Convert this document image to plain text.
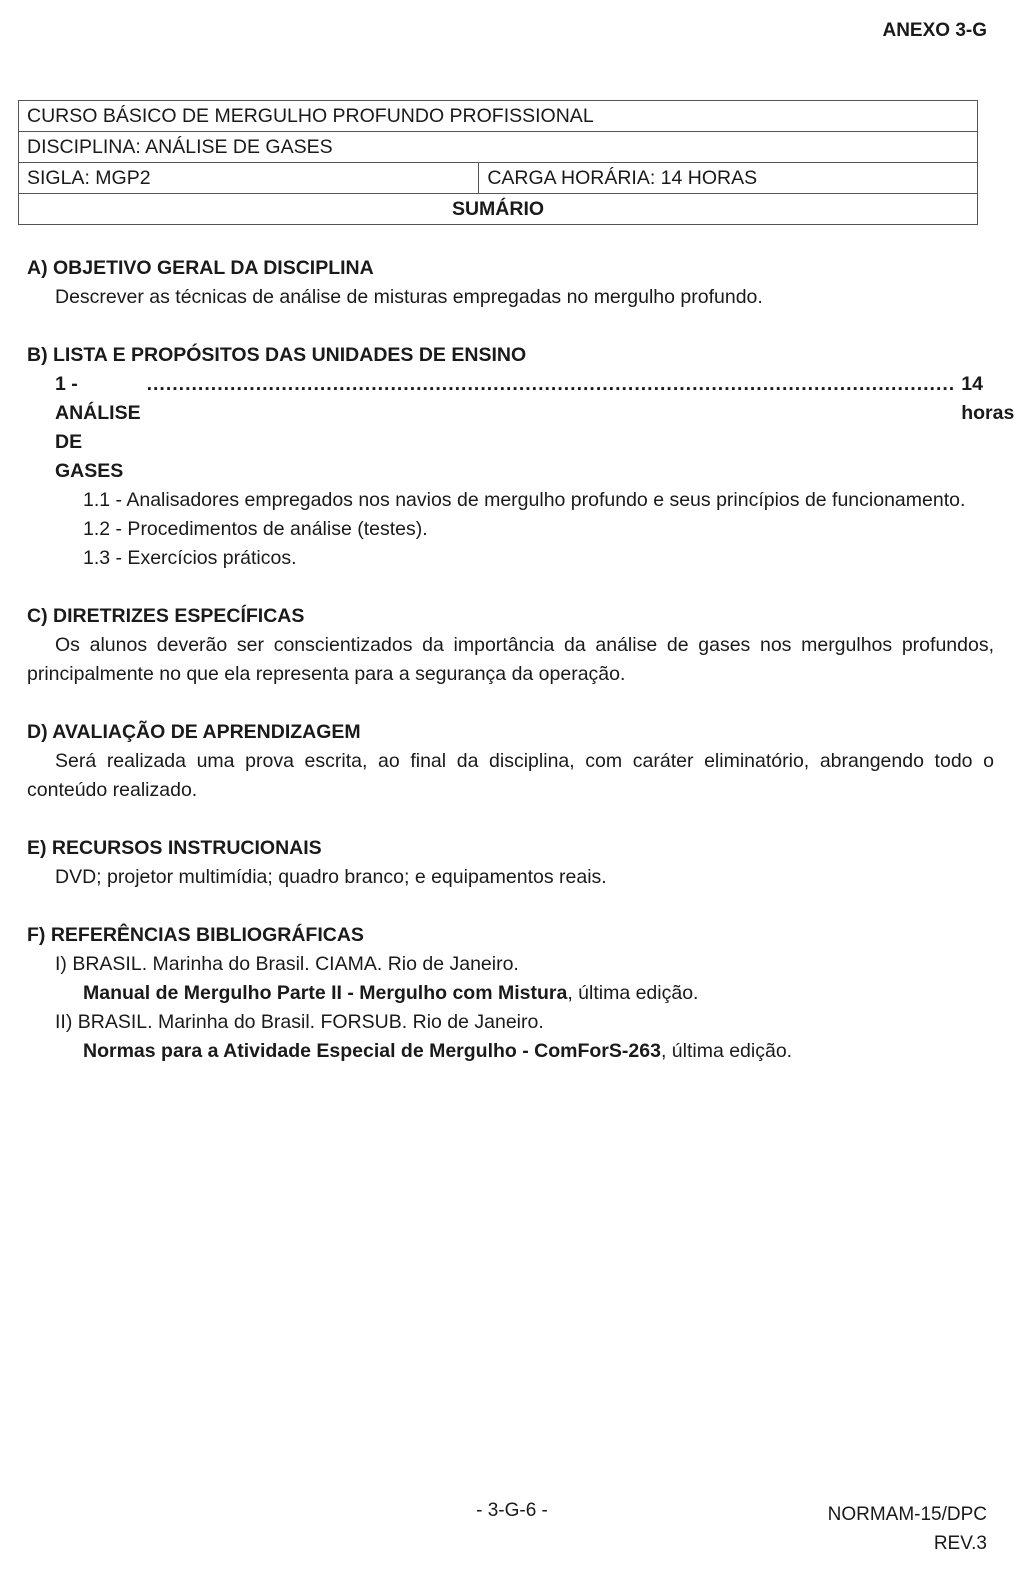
ANEXO 3-G
CURSO BÁSICO DE MERGULHO PROFUNDO PROFISSIONAL
DISCIPLINA: ANÁLISE DE GASES
SIGLA: MGP2	CARGA HORÁRIA: 14 HORAS
SUMÁRIO
A) OBJETIVO GERAL DA DISCIPLINA
Descrever as técnicas de análise de misturas empregadas no mergulho profundo.
B) LISTA E PROPÓSITOS DAS UNIDADES DE ENSINO
1 - ANÁLISE DE GASES
.............................................................................................................................. 14 horas
1.1 - Analisadores empregados nos navios de mergulho profundo e seus princípios de funcionamento.
1.2 - Procedimentos de análise (testes).
1.3 - Exercícios práticos.
C) DIRETRIZES ESPECÍFICAS
Os alunos deverão ser conscientizados da importância da análise de gases nos mergulhos profundos, principalmente no que ela representa para a segurança da operação.
D) AVALIAÇÃO DE APRENDIZAGEM
Será realizada uma prova escrita, ao final da disciplina, com caráter eliminatório, abrangendo todo o conteúdo realizado.
E) RECURSOS INSTRUCIONAIS
DVD; projetor multimídia; quadro branco; e equipamentos reais.
F) REFERÊNCIAS BIBLIOGRÁFICAS
I) BRASIL. Marinha do Brasil. CIAMA. Rio de Janeiro.
Manual de Mergulho Parte II - Mergulho com Mistura, última edição.
II) BRASIL. Marinha do Brasil. FORSUB. Rio de Janeiro.
Normas para a Atividade Especial de Mergulho - ComForS-263, última edição.
- 3-G-6 -	NORMAM-15/DPC
REV.3
